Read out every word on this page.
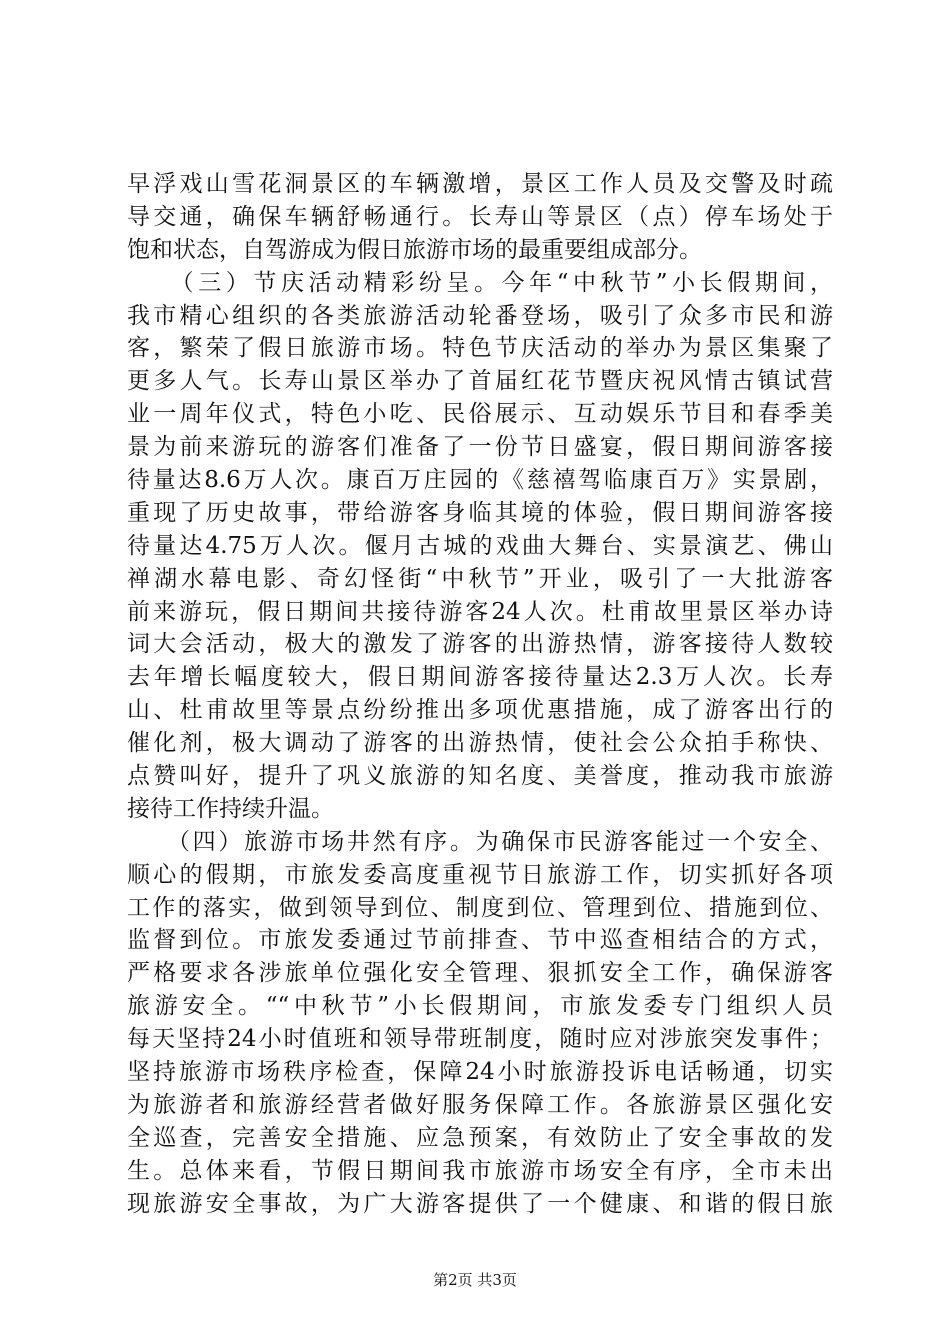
早浮戏山雪花洞景区的车辆激增，景区工作人员及交警及时疏
导交通，确保车辆舒畅通行。长寿山等景区（点）停车场处于
饱和状态，自驾游成为假日旅游市场的最重要组成部分。
　　（三）节庆活动精彩纷呈。今年“中秋节”小长假期间，
我市精心组织的各类旅游活动轮番登场，吸引了众多市民和游
客，繁荣了假日旅游市场。特色节庆活动的举办为景区集聚了
更多人气。长寿山景区举办了首届红花节暨庆祝风情古镇试营
业一周年仪式，特色小吃、民俗展示、互动娱乐节目和春季美
景为前来游玩的游客们准备了一份节日盛宴，假日期间游客接
待量达8.6万人次。康百万庄园的《慈禧驾临康百万》实景剧，
重现了历史故事，带给游客身临其境的体验，假日期间游客接
待量达4.75万人次。偃月古城的戏曲大舞台、实景演艺、佛山
禅湖水幕电影、奇幻怪街“中秋节”开业，吸引了一大批游客
前来游玩，假日期间共接待游客24人次。杜甫故里景区举办诗
词大会活动，极大的激发了游客的出游热情，游客接待人数较
去年增长幅度较大，假日期间游客接待量达2.3万人次。长寿
山、杜甫故里等景点纷纷推出多项优惠措施，成了游客出行的
催化剂，极大调动了游客的出游热情，使社会公众拍手称快、
点赞叫好，提升了巩义旅游的知名度、美誉度，推动我市旅游
接待工作持续升温。
　　（四）旅游市场井然有序。为确保市民游客能过一个安全、
顺心的假期，市旅发委高度重视节日旅游工作，切实抓好各项
工作的落实，做到领导到位、制度到位、管理到位、措施到位、
监督到位。市旅发委通过节前排查、节中巡查相结合的方式，
严格要求各涉旅单位强化安全管理、狠抓安全工作，确保游客
旅游安全。““中秋节”小长假期间，市旅发委专门组织人员
每天坚持24小时值班和领导带班制度，随时应对涉旅突发事件；
坚持旅游市场秩序检查，保障24小时旅游投诉电话畅通，切实
为旅游者和旅游经营者做好服务保障工作。各旅游景区强化安
全巡查，完善安全措施、应急预案，有效防止了安全事故的发
生。总体来看，节假日期间我市旅游市场安全有序，全市未出
现旅游安全事故，为广大游客提供了一个健康、和谐的假日旅
第2页 共3页
